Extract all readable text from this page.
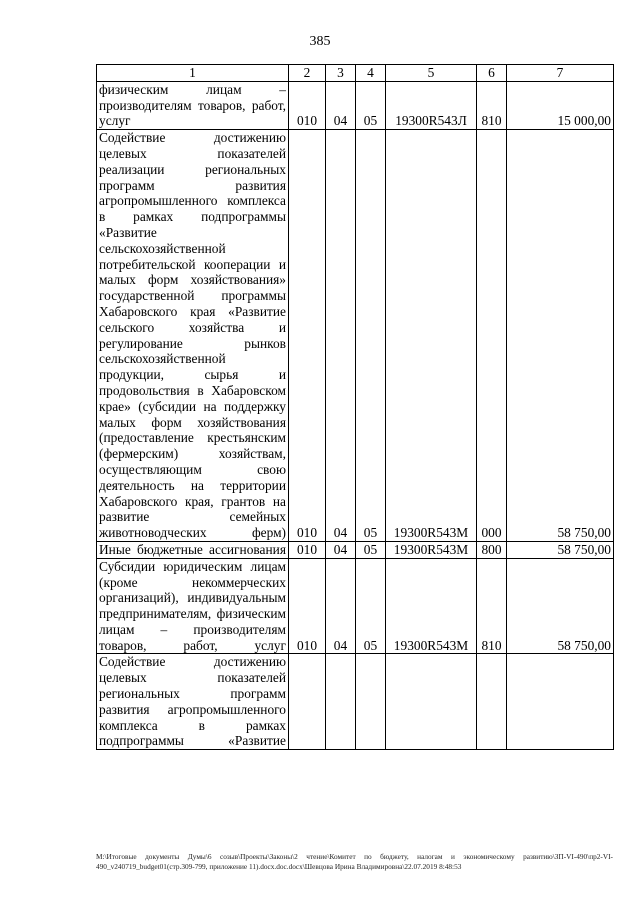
385
1	2	3	4	5	6	7
физическим лицам – производителям товаров, работ, услуг	010	04	05	19300R543Л	810	15 000,00
Содействие достижению целевых показателей реализации региональных программ развития агропромышленного комплекса в рамках подпрограммы «Развитие сельскохозяйственной потребительской кооперации и малых форм хозяйствования» государственной программы Хабаровского края «Развитие сельского хозяйства и регулирование рынков сельскохозяйственной продукции, сырья и продовольствия в Хабаровском крае» (субсидии на поддержку малых форм хозяйствования (предоставление крестьянским (фермерским) хозяйствам, осуществляющим свою деятельность на территории Хабаровского края, грантов на развитие семейных животноводческих ферм)	010	04	05	19300R543М	000	58 750,00
Иные бюджетные ассигнования	010	04	05	19300R543М	800	58 750,00
Субсидии юридическим лицам (кроме некоммерческих организаций), индивидуальным предпринимателям, физическим лицам – производителям товаров, работ, услуг	010	04	05	19300R543М	810	58 750,00
Содействие достижению целевых показателей региональных программ развития агропромышленного комплекса в рамках подпрограммы «Развитие						
M:\Итоговые документы Думы\6 созыв\Проекты\Законы\2 чтение\Комитет по бюджету, налогам и экономическому развитию\ЗП-VI-490\пр2-VI-490_v240719_budget01(стр.309-799, приложение 11).docx.doc.docx\Шевцова Ирина Владимировна\22.07.2019 8:48:53
